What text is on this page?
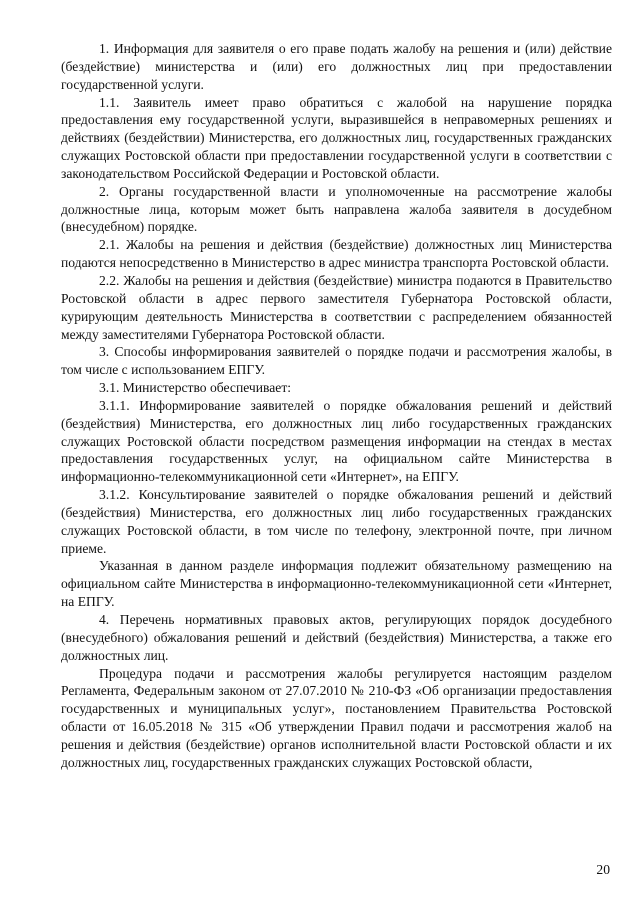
1. Информация для заявителя о его праве подать жалобу на решения и (или) действие (бездействие) министерства и (или) его должностных лиц при предоставлении государственной услуги.

1.1. Заявитель имеет право обратиться с жалобой на нарушение порядка предоставления ему государственной услуги, выразившейся в неправомерных решениях и действиях (бездействии) Министерства, его должностных лиц, государственных гражданских служащих Ростовской области при предоставлении государственной услуги в соответствии с законодательством Российской Федерации и Ростовской области.

2. Органы государственной власти и уполномоченные на рассмотрение жалобы должностные лица, которым может быть направлена жалоба заявителя в досудебном (внесудебном) порядке.

2.1. Жалобы на решения и действия (бездействие) должностных лиц Министерства подаются непосредственно в Министерство в адрес министра транспорта Ростовской области.

2.2. Жалобы на решения и действия (бездействие) министра подаются в Правительство Ростовской области в адрес первого заместителя Губернатора Ростовской области, курирующим деятельность Министерства в соответствии с распределением обязанностей между заместителями Губернатора Ростовской области.

3. Способы информирования заявителей о порядке подачи и рассмотрения жалобы, в том числе с использованием ЕПГУ.

3.1. Министерство обеспечивает:

3.1.1. Информирование заявителей о порядке обжалования решений и действий (бездействия) Министерства, его должностных лиц либо государственных гражданских служащих Ростовской области посредством размещения информации на стендах в местах предоставления государственных услуг, на официальном сайте Министерства в информационно-телекоммуникационной сети «Интернет», на ЕПГУ.

3.1.2. Консультирование заявителей о порядке обжалования решений и действий (бездействия) Министерства, его должностных лиц либо государственных гражданских служащих Ростовской области, в том числе по телефону, электронной почте, при личном приеме.

Указанная в данном разделе информация подлежит обязательному размещению на официальном сайте Министерства в информационно-телекоммуникационной сети «Интернет, на ЕПГУ.

4. Перечень нормативных правовых актов, регулирующих порядок досудебного (внесудебного) обжалования решений и действий (бездействия) Министерства, а также его должностных лиц.

Процедура подачи и рассмотрения жалобы регулируется настоящим разделом Регламента, Федеральным законом от 27.07.2010 № 210-ФЗ «Об организации предоставления государственных и муниципальных услуг», постановлением Правительства Ростовской области от 16.05.2018 № 315 «Об утверждении Правил подачи и рассмотрения жалоб на решения и действия (бездействие) органов исполнительной власти Ростовской области и их должностных лиц, государственных гражданских служащих Ростовской области,

20
